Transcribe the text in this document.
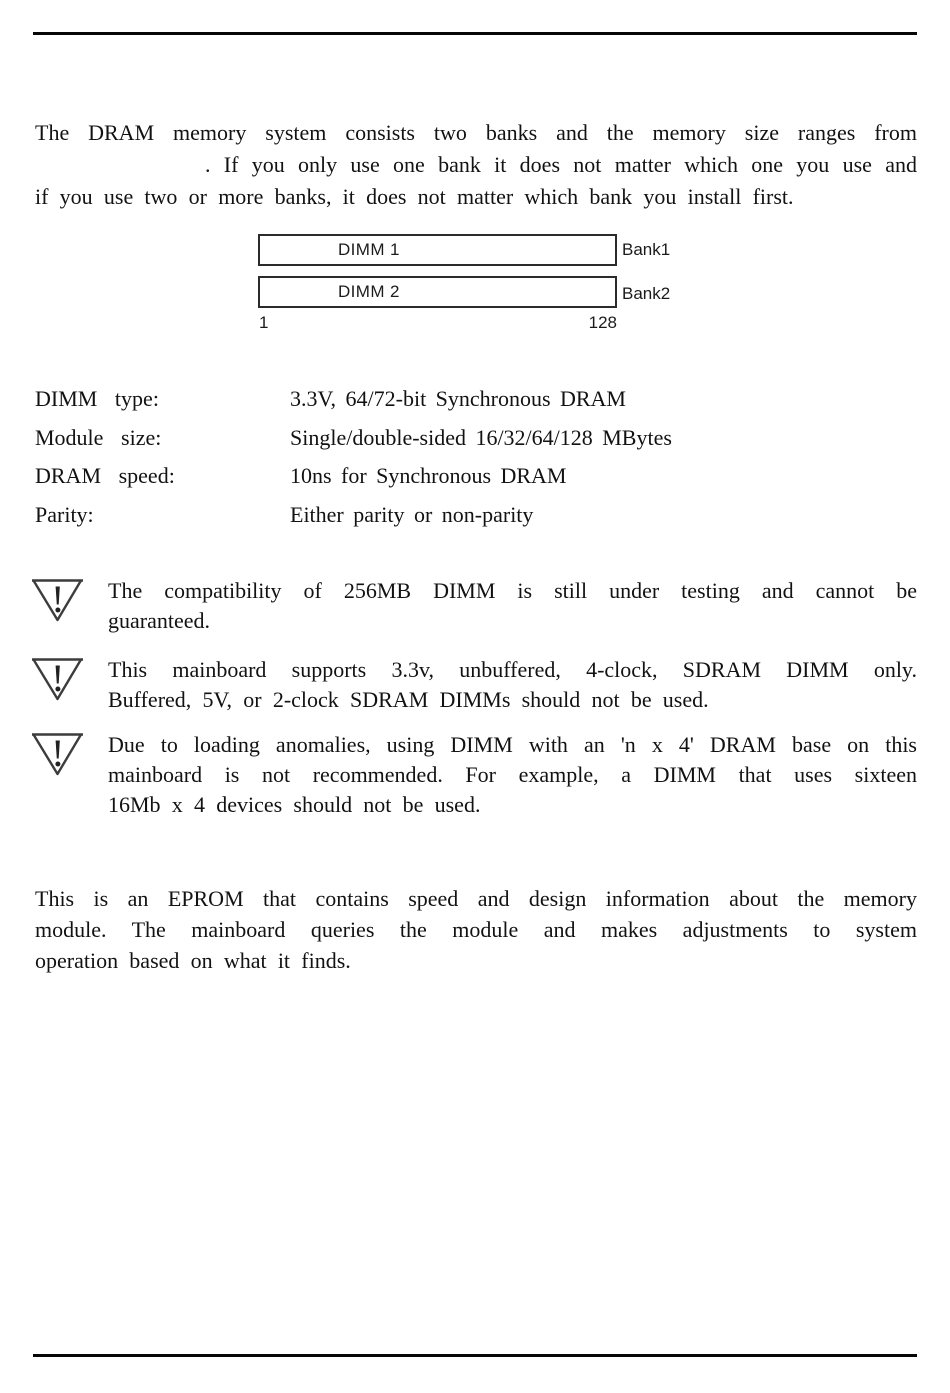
The DRAM memory system consists two banks and the memory size ranges from
. If you only use one bank it does not matter which one you use and
if you use two or more banks, it does not matter which bank you install first.
DIMM 1	Bank1
DIMM 2	Bank2
1	128
DIMM type:	3.3V, 64/72-bit Synchronous DRAM
Module size:	Single/double-sided 16/32/64/128 MBytes
DRAM speed:	10ns for Synchronous DRAM
Parity:	Either parity or non-parity
The compatibility of 256MB DIMM is still under testing and cannot be
guaranteed.
This mainboard supports 3.3v, unbuffered, 4-clock, SDRAM DIMM only.
Buffered, 5V, or 2-clock SDRAM DIMMs should not be used.
Due to loading anomalies, using DIMM with an 'n x 4' DRAM base on this
mainboard is not recommended. For example, a DIMM that uses sixteen
16Mb x 4 devices should not be used.
This is an EPROM that contains speed and design information about the memory
module. The mainboard queries the module and makes adjustments to system
operation based on what it finds.
